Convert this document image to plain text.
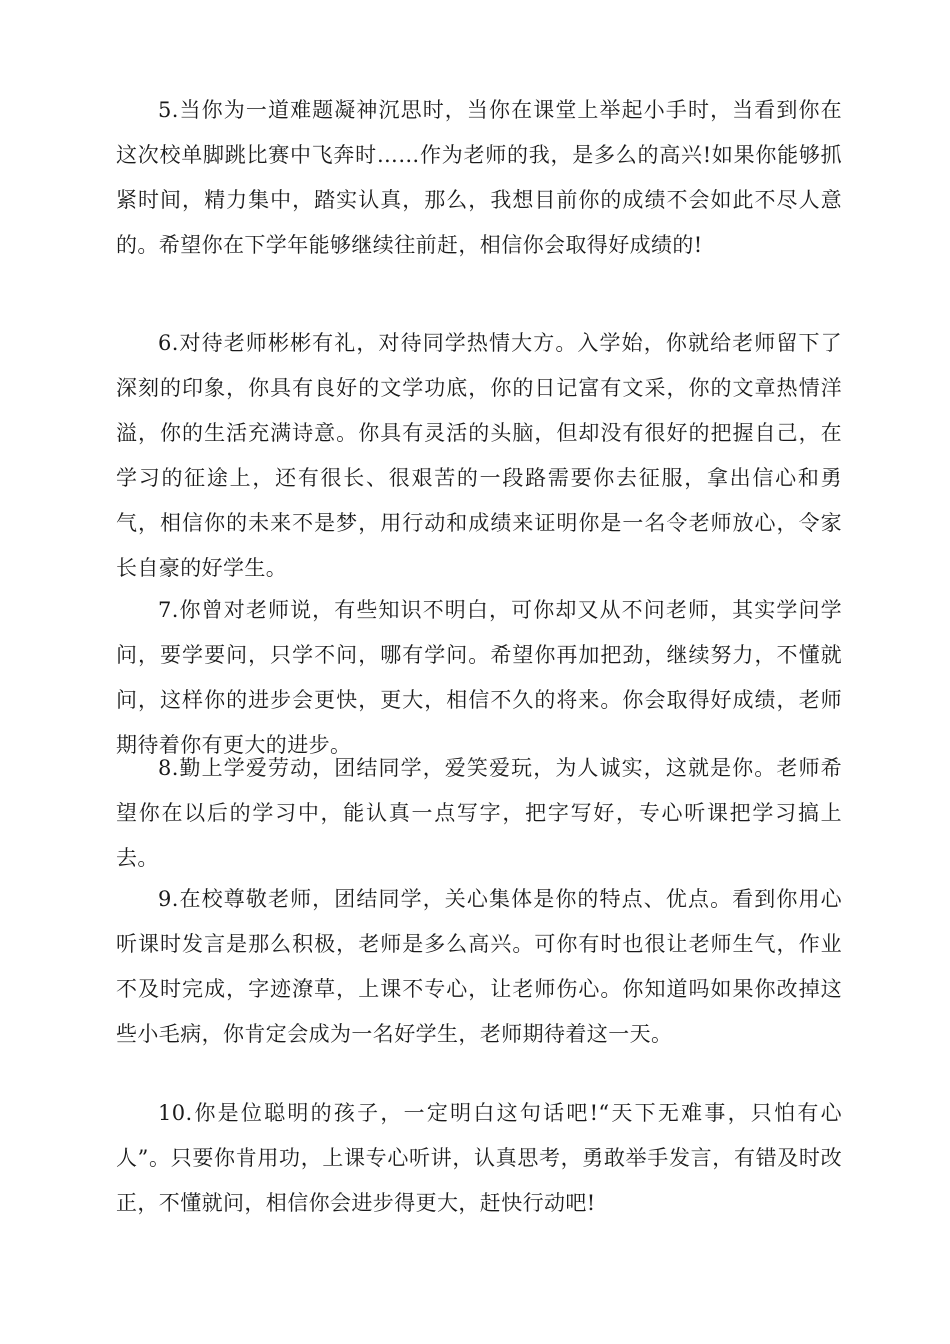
5.当你为一道难题凝神沉思时，当你在课堂上举起小手时，当看到你在这次校单脚跳比赛中飞奔时……作为老师的我，是多么的高兴!如果你能够抓紧时间，精力集中，踏实认真，那么，我想目前你的成绩不会如此不尽人意的。希望你在下学年能够继续往前赶，相信你会取得好成绩的!

6.对待老师彬彬有礼，对待同学热情大方。入学始，你就给老师留下了深刻的印象，你具有良好的文学功底，你的日记富有文采，你的文章热情洋溢，你的生活充满诗意。你具有灵活的头脑，但却没有很好的把握自己，在学习的征途上，还有很长、很艰苦的一段路需要你去征服，拿出信心和勇气，相信你的未来不是梦，用行动和成绩来证明你是一名令老师放心，令家长自豪的好学生。

7.你曾对老师说，有些知识不明白，可你却又从不问老师，其实学问学问，要学要问，只学不问，哪有学问。希望你再加把劲，继续努力，不懂就问，这样你的进步会更快，更大，相信不久的将来。你会取得好成绩，老师期待着你有更大的进步。

8.勤上学爱劳动，团结同学，爱笑爱玩，为人诚实，这就是你。老师希望你在以后的学习中，能认真一点写字，把字写好，专心听课把学习搞上去。

9.在校尊敬老师，团结同学，关心集体是你的特点、优点。看到你用心听课时发言是那么积极，老师是多么高兴。可你有时也很让老师生气，作业不及时完成，字迹潦草，上课不专心，让老师伤心。你知道吗如果你改掉这些小毛病，你肯定会成为一名好学生，老师期待着这一天。

10.你是位聪明的孩子，一定明白这句话吧!“天下无难事，只怕有心人”。只要你肯用功，上课专心听讲，认真思考，勇敢举手发言，有错及时改正，不懂就问，相信你会进步得更大，赶快行动吧!
